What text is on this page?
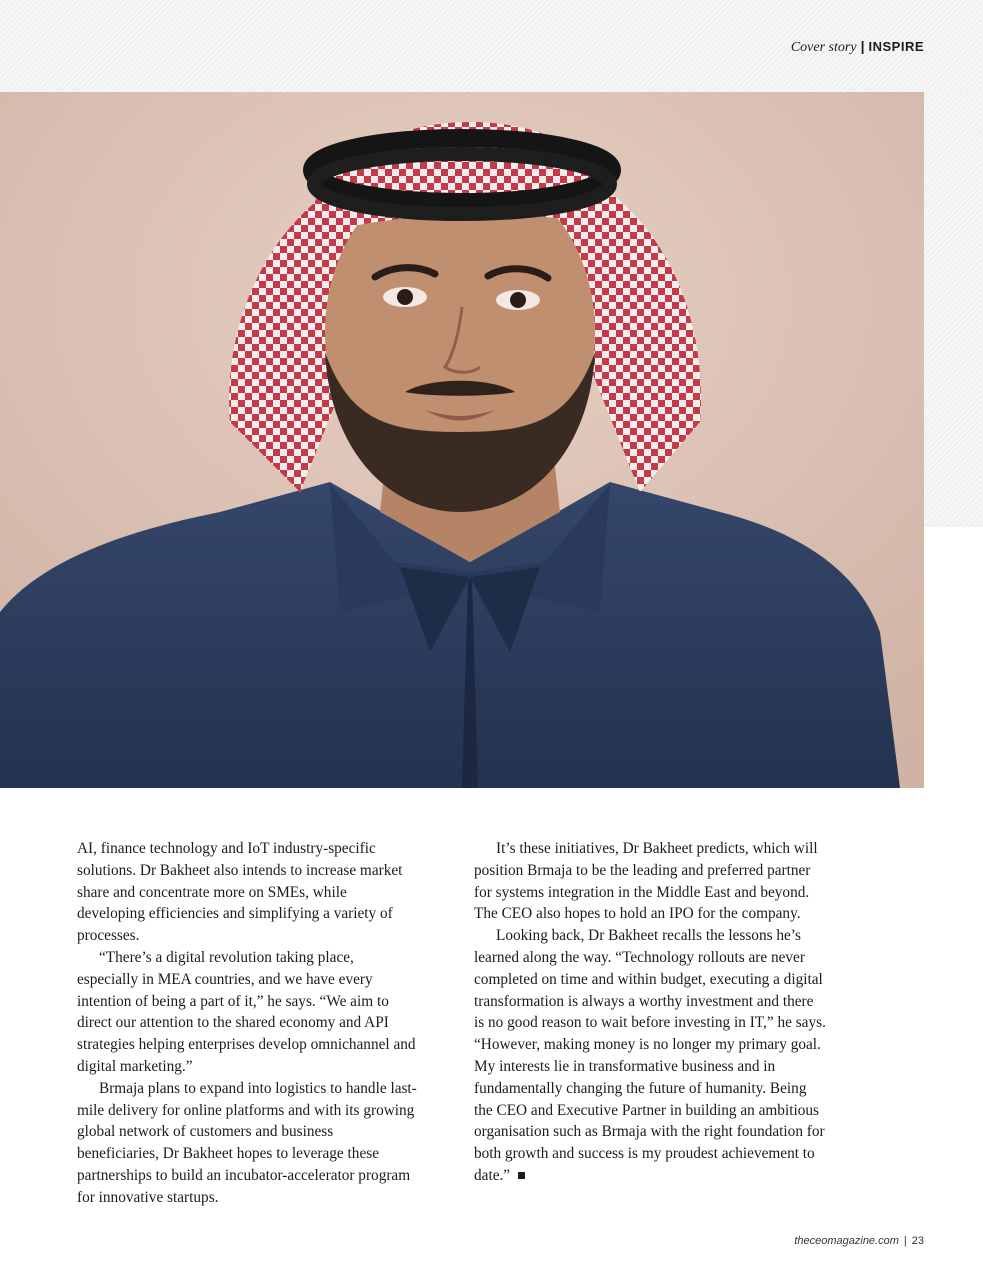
Cover story | INSPIRE

AI, finance technology and IoT industry-specific solutions. Dr Bakheet also intends to increase market share and concentrate more on SMEs, while developing efficiencies and simplifying a variety of processes.

“There’s a digital revolution taking place, especially in MEA countries, and we have every intention of being a part of it,” he says. “We aim to direct our attention to the shared economy and API strategies helping enterprises develop omnichannel and digital marketing.”

Brmaja plans to expand into logistics to handle last-mile delivery for online platforms and with its growing global network of customers and business beneficiaries, Dr Bakheet hopes to leverage these partnerships to build an incubator-accelerator program for innovative startups.

It’s these initiatives, Dr Bakheet predicts, which will position Brmaja to be the leading and preferred partner for systems integration in the Middle East and beyond. The CEO also hopes to hold an IPO for the company.

Looking back, Dr Bakheet recalls the lessons he’s learned along the way. “Technology rollouts are never completed on time and within budget, executing a digital transformation is always a worthy investment and there is no good reason to wait before investing in IT,” he says. “However, making money is no longer my primary goal. My interests lie in transformative business and in fundamentally changing the future of humanity. Being the CEO and Executive Partner in building an ambitious organisation such as Brmaja with the right foundation for both growth and success is my proudest achievement to date.”

theceomagazine.com | 23
